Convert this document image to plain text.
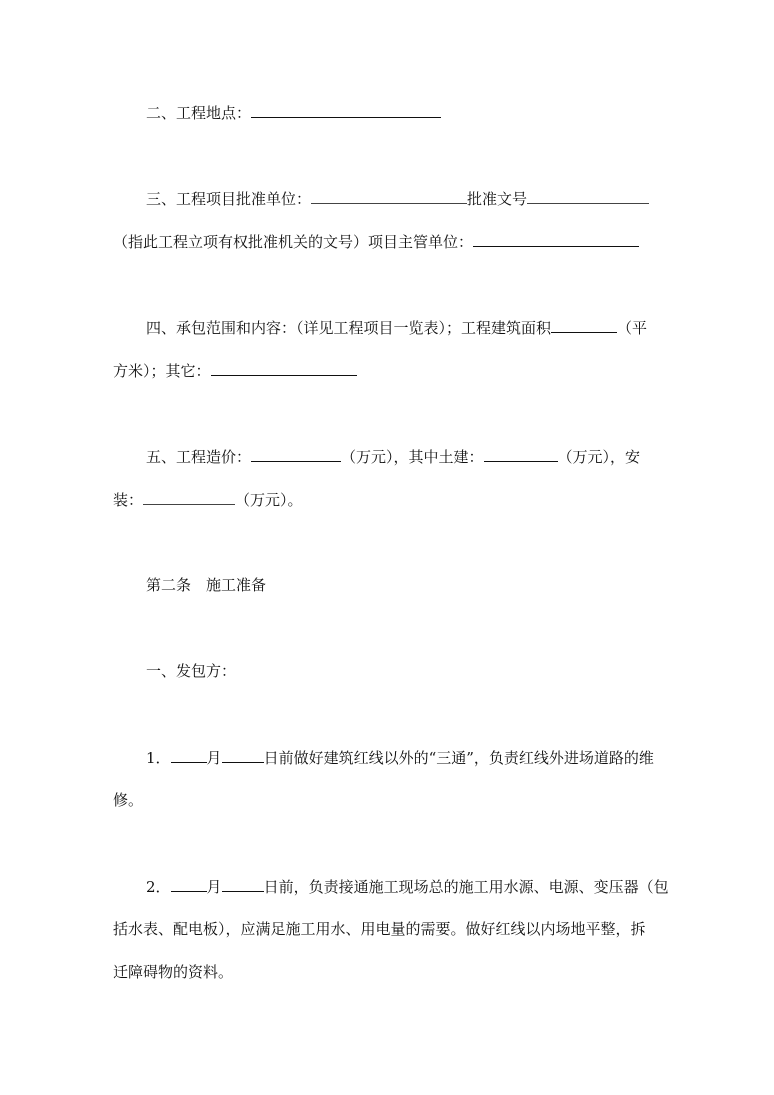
二、工程地点：
三、工程项目批准单位：	批准文号
（指此工程立项有权批准机关的文号）项目主管单位：
四、承包范围和内容：（详见工程项目一览表）；工程建筑面积	（平
方米）；其它：
五、工程造价：	（万元），其中土建：	（万元），安
装：	（万元）。
第二条　施工准备
一、发包方：
1． 月	日前做好建筑红线以外的“三通”，负责红线外进场道路的维
修。
2． 月	日前，负责接通施工现场总的施工用水源、电源、变压器（包
括水表、配电板），应满足施工用水、用电量的需要。做好红线以内场地平整，拆
迁障碍物的资料。
